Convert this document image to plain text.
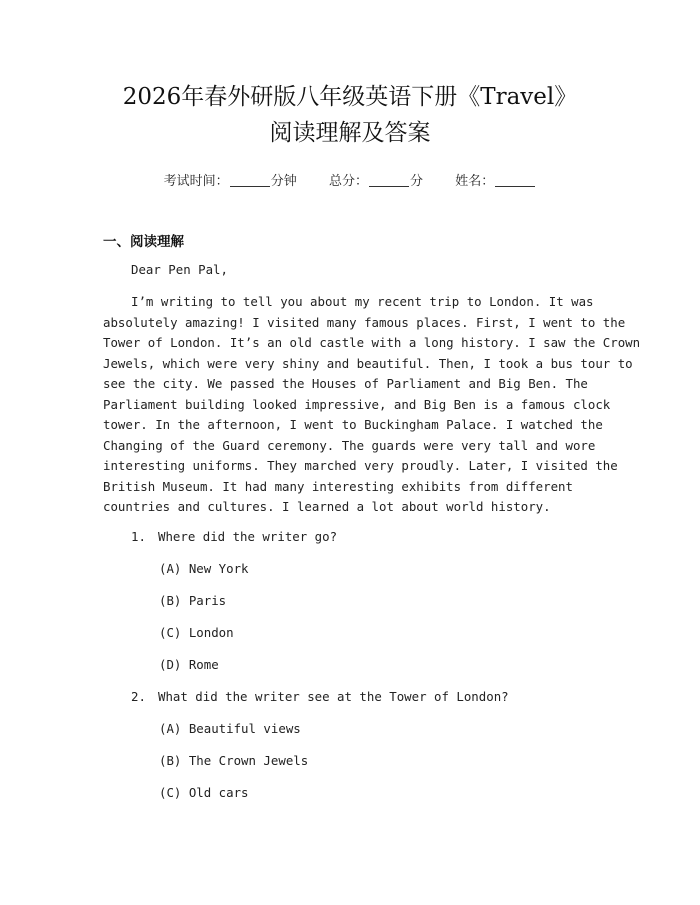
2026年春外研版八年级英语下册《Travel》
阅读理解及答案
考试时间：	分钟 总分：	分 姓名：
一、阅读理解
Dear Pen Pal,
I’m writing to tell you about my recent trip to London. It was
absolutely amazing! I visited many famous places. First, I went to the
Tower of London. It’s an old castle with a long history. I saw the Crown
Jewels, which were very shiny and beautiful. Then, I took a bus tour to
see the city. We passed the Houses of Parliament and Big Ben. The
Parliament building looked impressive, and Big Ben is a famous clock
tower. In the afternoon, I went to Buckingham Palace. I watched the
Changing of the Guard ceremony. The guards were very tall and wore
interesting uniforms. They marched very proudly. Later, I visited the
British Museum. It had many interesting exhibits from different
countries and cultures. I learned a lot about world history.
1. Where did the writer go?
(A) New York
(B) Paris
(C) London
(D) Rome
2. What did the writer see at the Tower of London?
(A) Beautiful views
(B) The Crown Jewels
(C) Old cars
